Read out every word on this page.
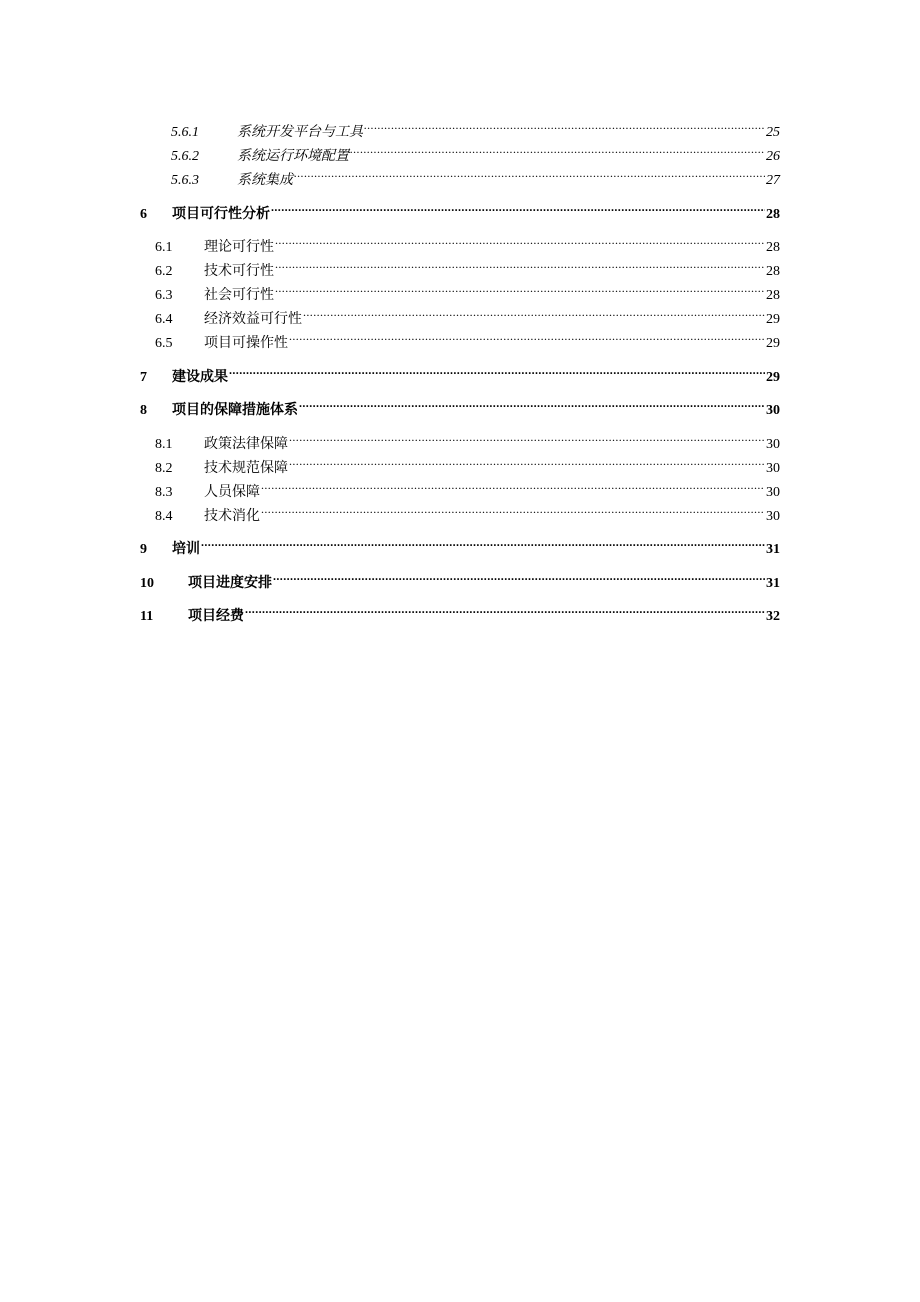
5.6.1	系统开发平台与工具 .....	25
5.6.2	系统运行环境配置 .....	26
5.6.3	系统集成 .....	27
6	项目可行性分析 .....	28
6.1	理论可行性 .....	28
6.2	技术可行性 .....	28
6.3	社会可行性 .....	28
6.4	经济效益可行性 .....	29
6.5	项目可操作性 .....	29
7	建设成果 .....	29
8	项目的保障措施体系 .....	30
8.1	政策法律保障 .....	30
8.2	技术规范保障 .....	30
8.3	人员保障 .....	30
8.4	技术消化 .....	30
9	培训 .....	31
10	项目进度安排 .....	31
11	项目经费 .....	32
